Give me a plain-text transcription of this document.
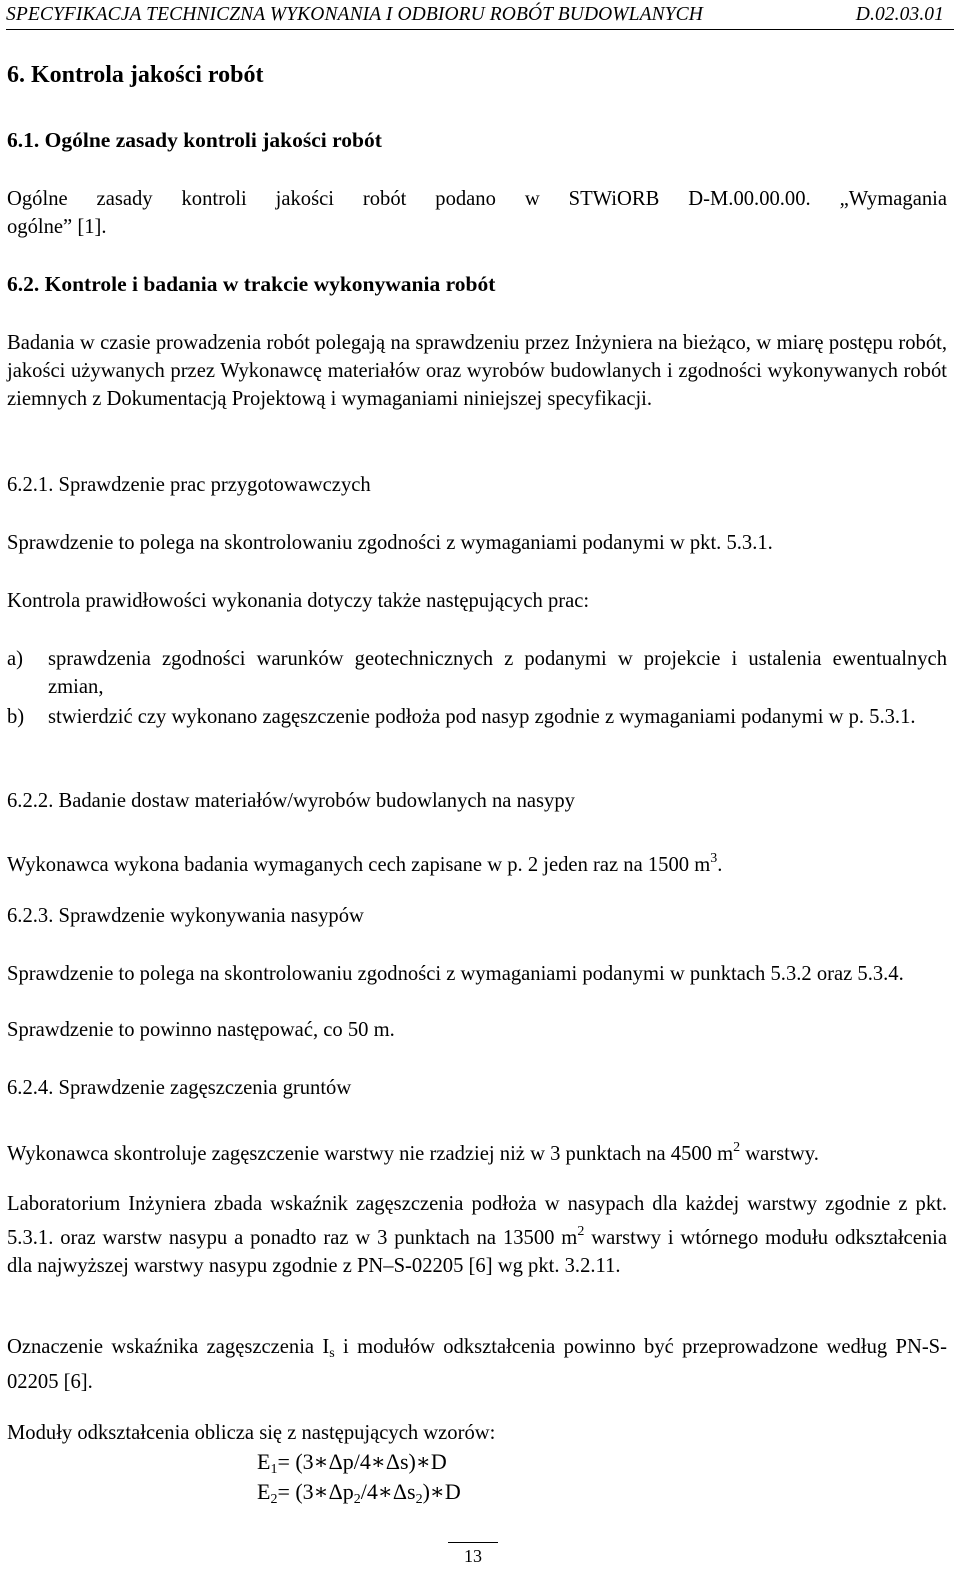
SPECYFIKACJA TECHNICZNA WYKONANIA I ODBIORU ROBÓT BUDOWLANYCH	D.02.03.01
6. Kontrola jakości robót
6.1. Ogólne zasady kontroli jakości robót
Ogólne zasady kontroli jakości robót podano w STWiORB D-M.00.00.00. „Wymagania
ogólne” [1].
6.2. Kontrole i badania w trakcie wykonywania robót
Badania w czasie prowadzenia robót polegają na sprawdzeniu przez Inżyniera na bieżąco, w miarę postępu robót, jakości używanych przez Wykonawcę materiałów oraz wyrobów budowlanych i zgodności wykonywanych robót ziemnych z Dokumentacją Projektową i wymaganiami niniejszej specyfikacji.
6.2.1. Sprawdzenie prac przygotowawczych
Sprawdzenie to polega na skontrolowaniu zgodności z wymaganiami podanymi w pkt. 5.3.1.
Kontrola prawidłowości wykonania dotyczy także następujących prac:
a) sprawdzenia zgodności warunków geotechnicznych z podanymi w projekcie i ustalenia ewentualnych zmian,
b) stwierdzić czy wykonano zagęszczenie podłoża pod nasyp zgodnie z wymaganiami podanymi w p. 5.3.1.
6.2.2. Badanie dostaw materiałów/wyrobów budowlanych na nasypy
Wykonawca wykona badania wymaganych cech zapisane w p. 2 jeden raz na 1500 $m^3$.
6.2.3. Sprawdzenie wykonywania nasypów
Sprawdzenie to polega na skontrolowaniu zgodności z wymaganiami podanymi w punktach 5.3.2 oraz 5.3.4.
Sprawdzenie to powinno następować, co 50 m.
6.2.4. Sprawdzenie zagęszczenia gruntów
Wykonawca skontroluje zagęszczenie warstwy nie rzadziej niż w 3 punktach na 4500 $m^2$ warstwy.
Laboratorium Inżyniera zbada wskaźnik zagęszczenia podłoża w nasypach dla każdej warstwy zgodnie z pkt. 5.3.1. oraz warstw nasypu a ponadto raz w 3 punktach na 13500 $m^2$ warstwy i wtórnego modułu odkształcenia dla najwyższej warstwy nasypu zgodnie z PN–S-02205 [6] wg pkt. 3.2.11.
Oznaczenie wskaźnika zagęszczenia Is i modułów odkształcenia powinno być przeprowadzone według PN-S-02205 [6].
Moduły odkształcenia oblicza się z następujących wzorów:
$E_1=$ (3∗Δp/4∗Δs)∗D
$E_2=$ $(3∗\Delta p_2/4∗\Delta s_2)∗D$
13
